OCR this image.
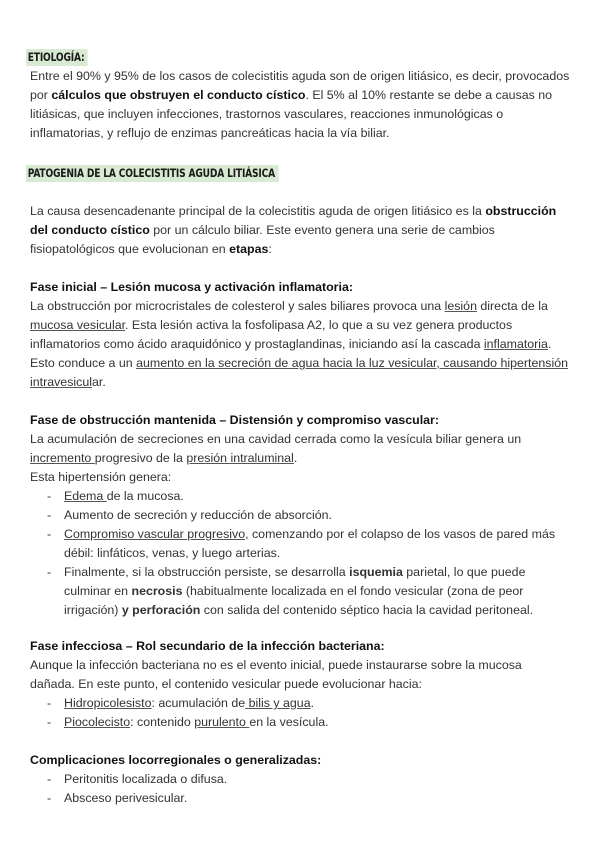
ETIOLOGÍA:
Entre el 90% y 95% de los casos de colecistitis aguda son de origen litiásico, es decir, provocados por cálculos que obstruyen el conducto cístico. El 5% al 10% restante se debe a causas no litiásicas, que incluyen infecciones, trastornos vasculares, reacciones inmunológicas o inflamatorias, y reflujo de enzimas pancreáticas hacia la vía biliar.
PATOGENIA DE LA COLECISTITIS AGUDA LITIÁSICA
La causa desencadenante principal de la colecistitis aguda de origen litiásico es la obstrucción del conducto cístico por un cálculo biliar. Este evento genera una serie de cambios fisiopatológicos que evolucionan en etapas:
Fase inicial – Lesión mucosa y activación inflamatoria:
La obstrucción por microcristales de colesterol y sales biliares provoca una lesión directa de la mucosa vesicular. Esta lesión activa la fosfolipasa A2, lo que a su vez genera productos inflamatorios como ácido araquidónico y prostaglandinas, iniciando así la cascada inflamatoria. Esto conduce a un aumento en la secreción de agua hacia la luz vesicular, causando hipertensión intravesicular.
Fase de obstrucción mantenida – Distensión y compromiso vascular:
La acumulación de secreciones en una cavidad cerrada como la vesícula biliar genera un incremento progresivo de la presión intraluminal.
Esta hipertensión genera:
- Edema de la mucosa.
- Aumento de secreción y reducción de absorción.
- Compromiso vascular progresivo, comenzando por el colapso de los vasos de pared más débil: linfáticos, venas, y luego arterias.
- Finalmente, si la obstrucción persiste, se desarrolla isquemia parietal, lo que puede culminar en necrosis (habitualmente localizada en el fondo vesicular (zona de peor irrigación) y perforación con salida del contenido séptico hacia la cavidad peritoneal.
Fase infecciosa – Rol secundario de la infección bacteriana:
Aunque la infección bacteriana no es el evento inicial, puede instaurarse sobre la mucosa dañada. En este punto, el contenido vesicular puede evolucionar hacia:
- Hidropicolesisto: acumulación de bilis y agua.
- Piocolecisto: contenido purulento en la vesícula.
Complicaciones locorregionales o generalizadas:
- Peritonitis localizada o difusa.
- Absceso perivesicular.
